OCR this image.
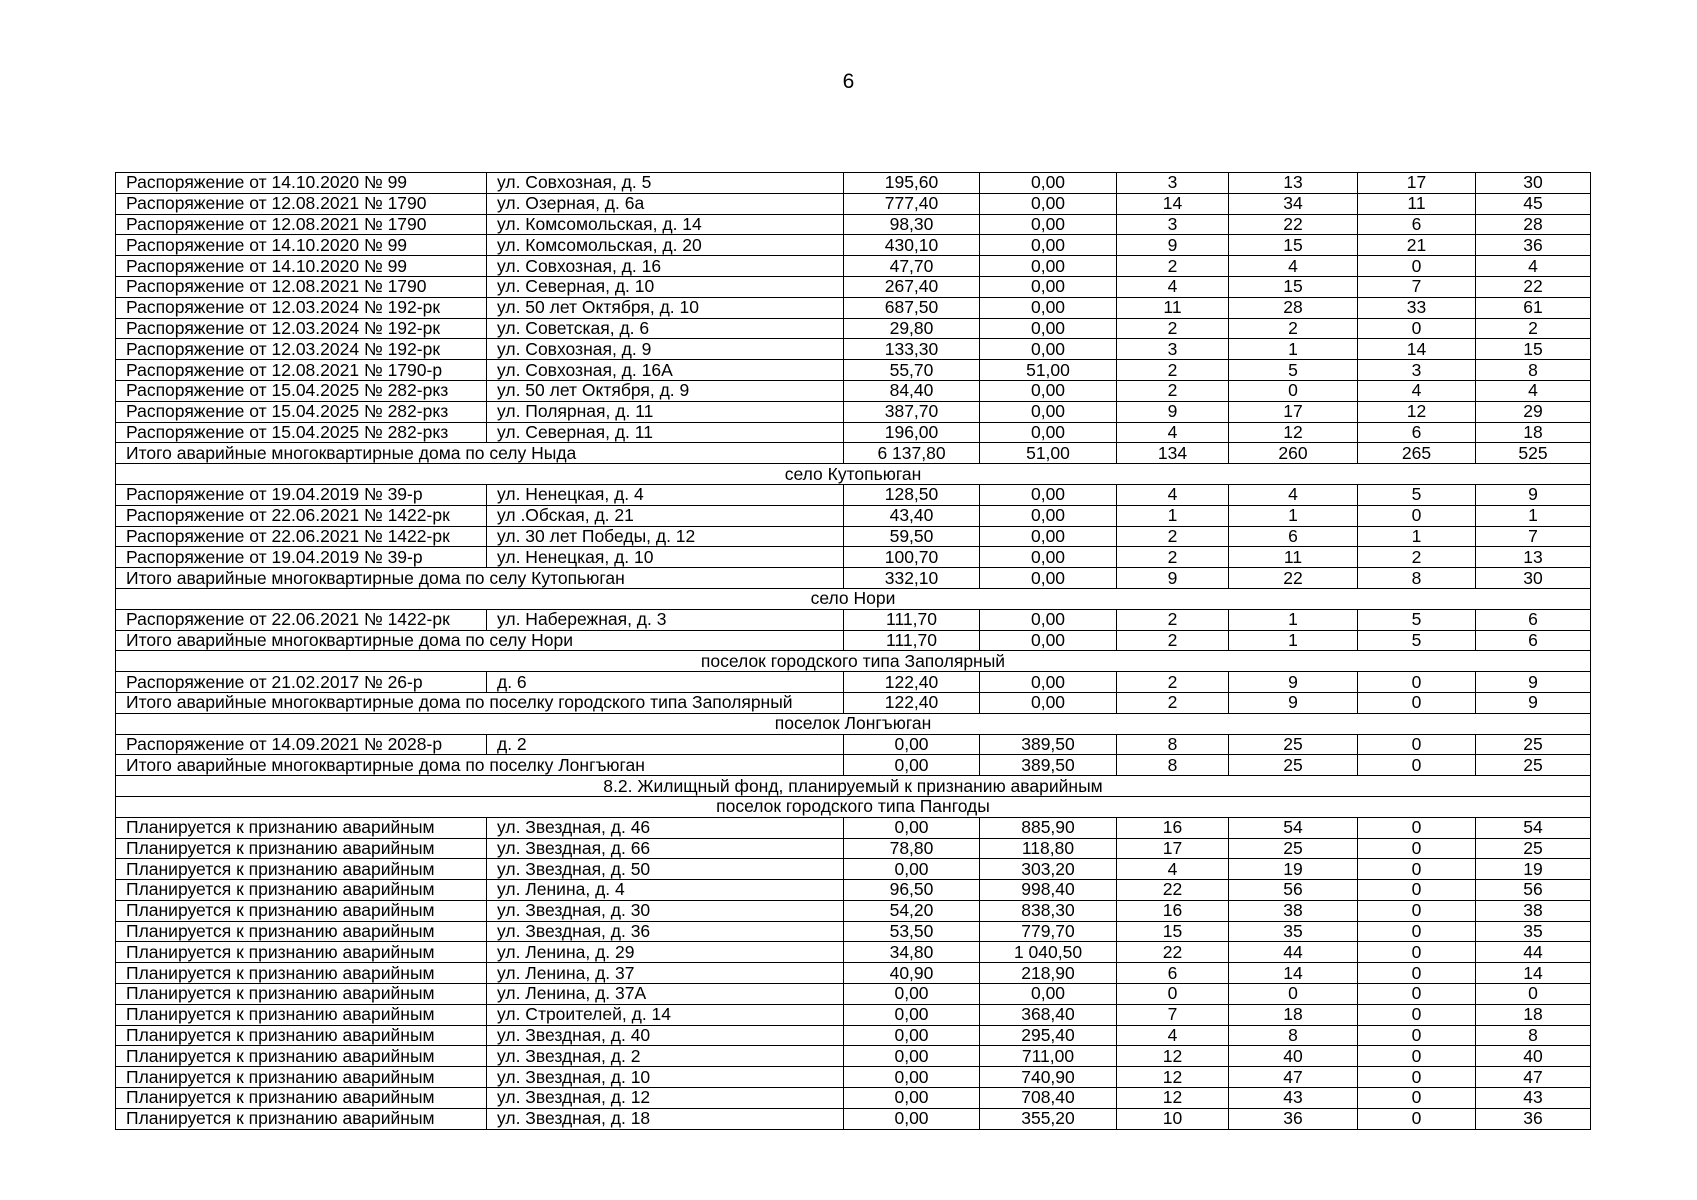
6
Распоряжение от 14.10.2020 № 99	ул. Совхозная, д. 5	195,60	0,00	3	13	17	30
Распоряжение от 12.08.2021 № 1790	ул. Озерная, д. 6а	777,40	0,00	14	34	11	45
Распоряжение от 12.08.2021 № 1790	ул. Комсомольская, д. 14	98,30	0,00	3	22	6	28
Распоряжение от 14.10.2020 № 99	ул. Комсомольская, д. 20	430,10	0,00	9	15	21	36
Распоряжение от 14.10.2020 № 99	ул. Совхозная, д. 16	47,70	0,00	2	4	0	4
Распоряжение от 12.08.2021 № 1790	ул. Северная, д. 10	267,40	0,00	4	15	7	22
Распоряжение от 12.03.2024 № 192-рк	ул. 50 лет Октября, д. 10	687,50	0,00	11	28	33	61
Распоряжение от 12.03.2024 № 192-рк	ул. Советская, д. 6	29,80	0,00	2	2	0	2
Распоряжение от 12.03.2024 № 192-рк	ул. Совхозная, д. 9	133,30	0,00	3	1	14	15
Распоряжение от 12.08.2021 № 1790-р	ул. Совхозная, д. 16А	55,70	51,00	2	5	3	8
Распоряжение от 15.04.2025 № 282-ркз	ул. 50 лет Октября, д. 9	84,40	0,00	2	0	4	4
Распоряжение от 15.04.2025 № 282-ркз	ул. Полярная, д. 11	387,70	0,00	9	17	12	29
Распоряжение от 15.04.2025 № 282-ркз	ул. Северная, д. 11	196,00	0,00	4	12	6	18
Итого аварийные многоквартирные дома по селу Ныда		6 137,80	51,00	134	260	265	525
село Кутопьюган							
Распоряжение от 19.04.2019 № 39-р	ул. Ненецкая, д. 4	128,50	0,00	4	4	5	9
Распоряжение от 22.06.2021 № 1422-рк	ул .Обская, д. 21	43,40	0,00	1	1	0	1
Распоряжение от 22.06.2021 № 1422-рк	ул. 30 лет Победы, д. 12	59,50	0,00	2	6	1	7
Распоряжение от 19.04.2019 № 39-р	ул. Ненецкая, д. 10	100,70	0,00	2	11	2	13
Итого аварийные многоквартирные дома по селу Кутопьюган		332,10	0,00	9	22	8	30
село Нори							
Распоряжение от 22.06.2021 № 1422-рк	ул. Набережная, д. 3	111,70	0,00	2	1	5	6
Итого аварийные многоквартирные дома по селу Нори		111,70	0,00	2	1	5	6
поселок городского типа Заполярный							
Распоряжение от 21.02.2017 № 26-р	д. 6	122,40	0,00	2	9	0	9
Итого аварийные многоквартирные дома по поселку городского типа Заполярный		122,40	0,00	2	9	0	9
поселок Лонгъюган							
Распоряжение от 14.09.2021 № 2028-р	д. 2	0,00	389,50	8	25	0	25
Итого аварийные многоквартирные дома по поселку Лонгъюган		0,00	389,50	8	25	0	25
8.2. Жилищный фонд, планируемый к признанию аварийным							
поселок городского типа Пангоды							
Планируется к признанию аварийным	ул. Звездная, д. 46	0,00	885,90	16	54	0	54
Планируется к признанию аварийным	ул. Звездная, д. 66	78,80	118,80	17	25	0	25
Планируется к признанию аварийным	ул. Звездная, д. 50	0,00	303,20	4	19	0	19
Планируется к признанию аварийным	ул. Ленина, д. 4	96,50	998,40	22	56	0	56
Планируется к признанию аварийным	ул. Звездная, д. 30	54,20	838,30	16	38	0	38
Планируется к признанию аварийным	ул. Звездная, д. 36	53,50	779,70	15	35	0	35
Планируется к признанию аварийным	ул. Ленина, д. 29	34,80	1 040,50	22	44	0	44
Планируется к признанию аварийным	ул. Ленина, д. 37	40,90	218,90	6	14	0	14
Планируется к признанию аварийным	ул. Ленина, д. 37А	0,00	0,00	0	0	0	0
Планируется к признанию аварийным	ул. Строителей, д. 14	0,00	368,40	7	18	0	18
Планируется к признанию аварийным	ул. Звездная, д. 40	0,00	295,40	4	8	0	8
Планируется к признанию аварийным	ул. Звездная, д. 2	0,00	711,00	12	40	0	40
Планируется к признанию аварийным	ул. Звездная, д. 10	0,00	740,90	12	47	0	47
Планируется к признанию аварийным	ул. Звездная, д. 12	0,00	708,40	12	43	0	43
Планируется к признанию аварийным	ул. Звездная, д. 18	0,00	355,20	10	36	0	36
